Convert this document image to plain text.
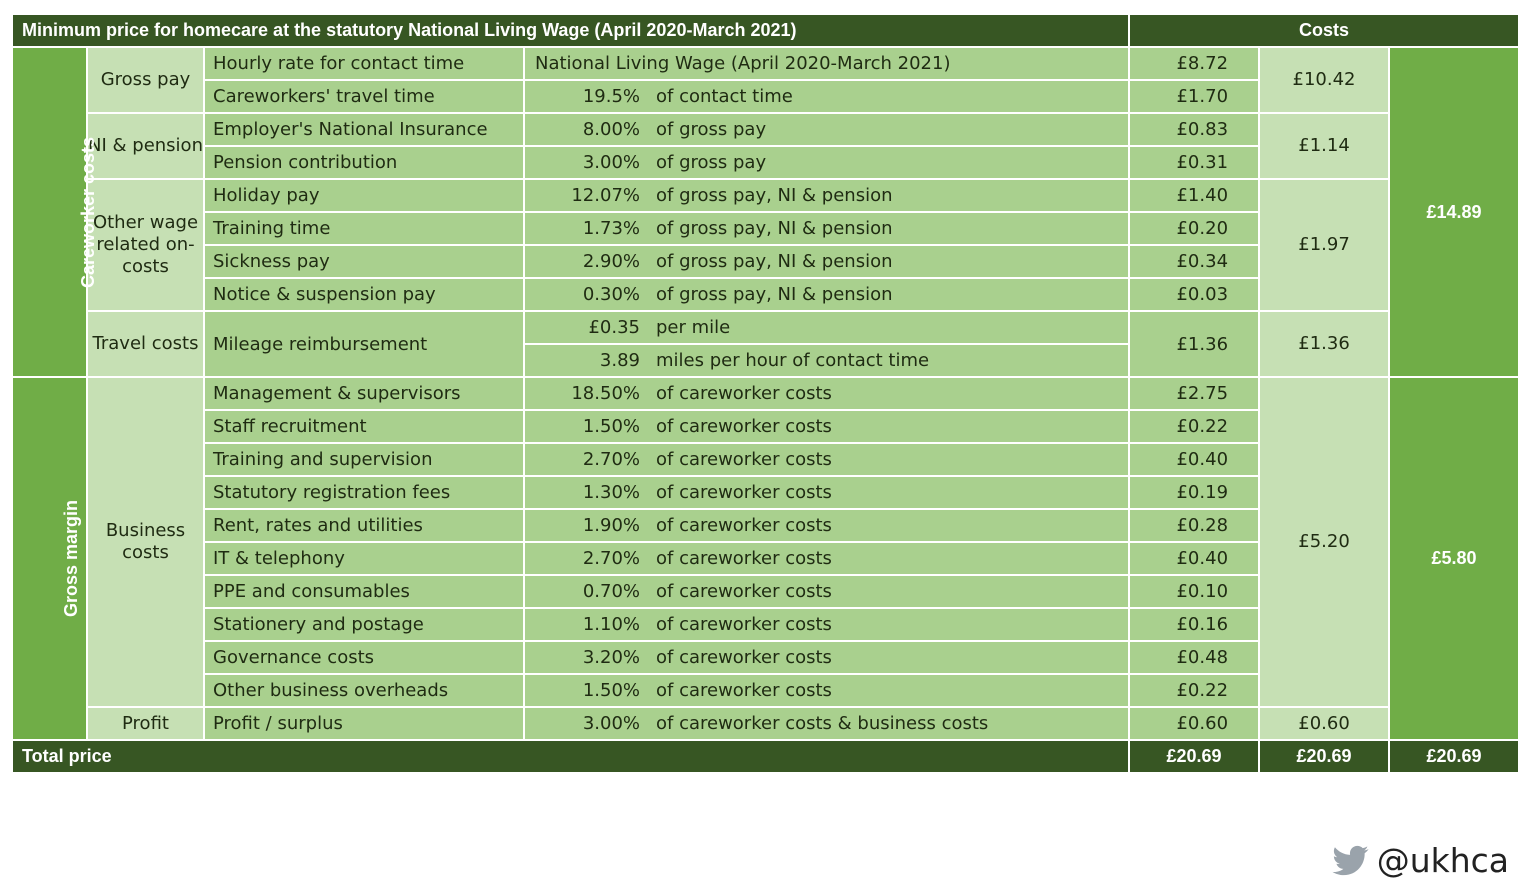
Minimum price for homecare at the statutory National Living Wage (April 2020-March 2021)				Costs		
Careworker costs	Gross pay	Hourly rate for contact time	National Living Wage (April 2020-March 2021)	£8.72	£10.42	£14.89
		Careworkers' travel time	19.5% of contact time	£1.70		
	NI & pension	Employer's National Insurance	8.00% of gross pay	£0.83	£1.14	
		Pension contribution	3.00% of gross pay	£0.31		
	Other wage related on-costs	Holiday pay	12.07% of gross pay, NI & pension	£1.40	£1.97	
		Training time	1.73% of gross pay, NI & pension	£0.20		
		Sickness pay	2.90% of gross pay, NI & pension	£0.34		
		Notice & suspension pay	0.30% of gross pay, NI & pension	£0.03		
	Travel costs	Mileage reimbursement	£0.35 per mile	£1.36	£1.36	
			3.89 miles per hour of contact time			
Gross margin	Business costs	Management & supervisors	18.50% of careworker costs	£2.75	£5.20	£5.80
		Staff recruitment	1.50% of careworker costs	£0.22		
		Training and supervision	2.70% of careworker costs	£0.40		
		Statutory registration fees	1.30% of careworker costs	£0.19		
		Rent, rates and utilities	1.90% of careworker costs	£0.28		
		IT & telephony	2.70% of careworker costs	£0.40		
		PPE and consumables	0.70% of careworker costs	£0.10		
		Stationery and postage	1.10% of careworker costs	£0.16		
		Governance costs	3.20% of careworker costs	£0.48		
		Other business overheads	1.50% of careworker costs	£0.22		
	Profit	Profit / surplus	3.00% of careworker costs & business costs	£0.60	£0.60	
Total price				£20.69	£20.69	£20.69
@ukhca
